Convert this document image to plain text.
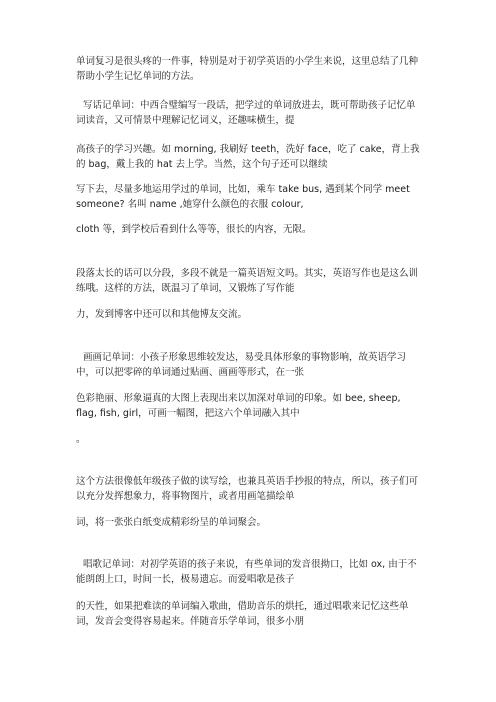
单词复习是很头疼的一件事，特别是对于初学英语的小学生来说，这里总结了几种帮助小学生记忆单词的方法。

写话记单词：中西合璧编写一段话，把学过的单词放进去，既可帮助孩子记忆单词读音，又可情景中理解记忆词义，还趣味横生，提

高孩子的学习兴趣。如 morning, 我刷好 teeth，洗好 face，吃了 cake，背上我的 bag，戴上我的 hat 去上学。当然，这个句子还可以继续

写下去，尽量多地运用学过的单词，比如，乘车 take bus, 遇到某个同学 meet someone? 名叫 name ,她穿什么颜色的衣服 colour,

cloth 等，到学校后看到什么等等，很长的内容，无限。

段落太长的话可以分段，多段不就是一篇英语短文吗。其实，英语写作也是这么训练哦。这样的方法，既温习了单词，又锻炼了写作能

力，发到博客中还可以和其他博友交流。

画画记单词：小孩子形象思维较发达，易受具体形象的事物影响，故英语学习中，可以把零碎的单词通过贴画、画画等形式，在一张

色彩艳丽、形象逼真的大图上表现出来以加深对单词的印象。如 bee, sheep, flag, fish, girl，可画一幅图，把这六个单词融入其中

。

这个方法很像低年级孩子做的读写绘，也兼具英语手抄报的特点，所以，孩子们可以充分发挥想象力，将事物图片，或者用画笔描绘单

词，将一张张白纸变成精彩纷呈的单词聚会。

唱歌记单词：对初学英语的孩子来说，有些单词的发音很拗口，比如 ox, 由于不能朗朗上口，时间一长，极易遗忘。而爱唱歌是孩子

的天性，如果把难读的单词编入歌曲，借助音乐的烘托，通过唱歌来记忆这些单词，发音会变得容易起来。伴随音乐学单词，很多小朋
